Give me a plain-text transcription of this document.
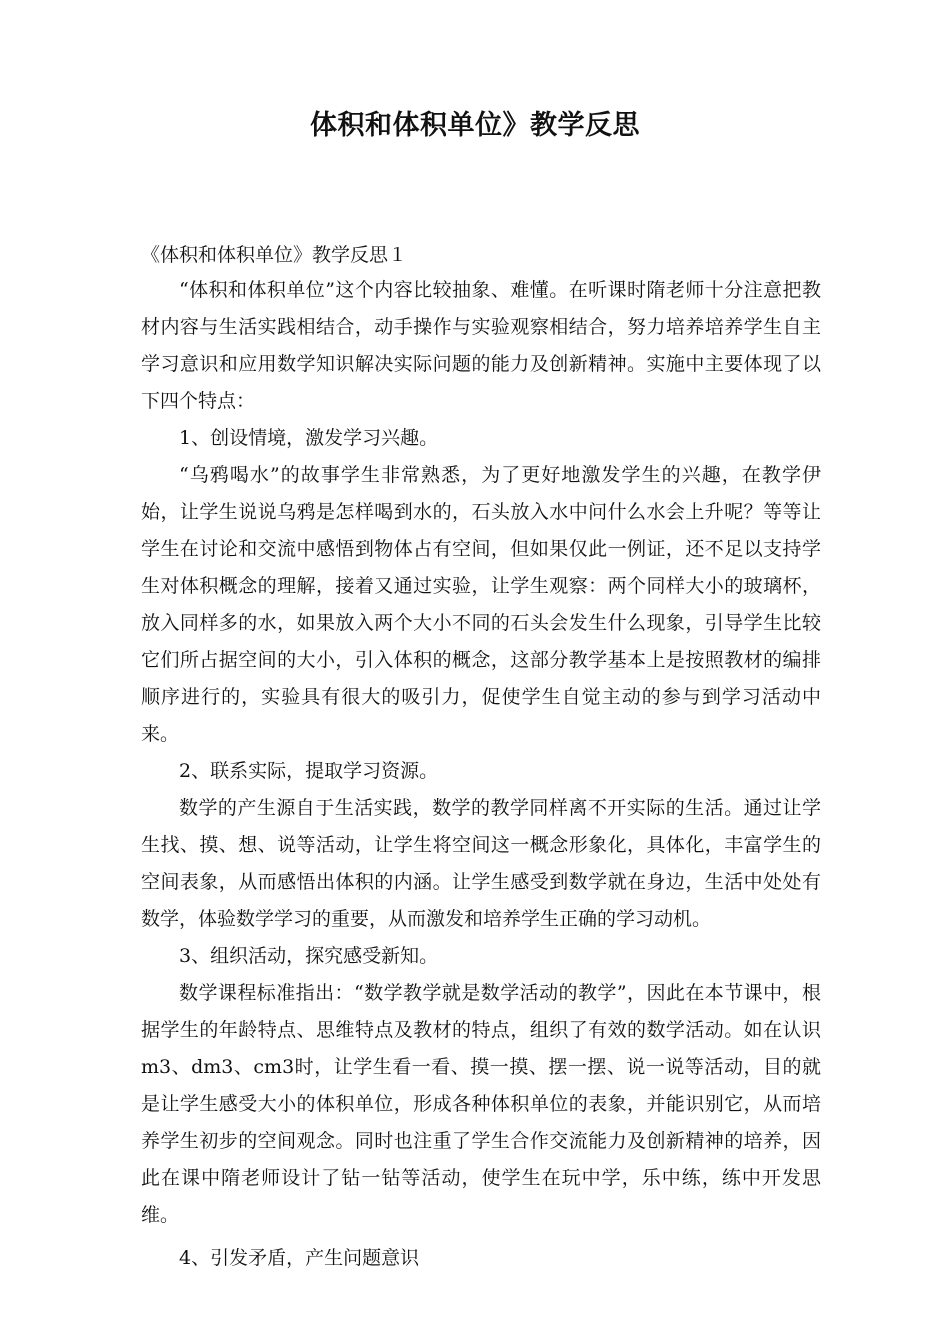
体积和体积单位》教学反思

《体积和体积单位》教学反思１

“体积和体积单位”这个内容比较抽象、难懂。在听课时隋老师十分注意把教材内容与生活实践相结合，动手操作与实验观察相结合，努力培养培养学生自主学习意识和应用数学知识解决实际问题的能力及创新精神。实施中主要体现了以下四个特点：

1、创设情境，激发学习兴趣。

“乌鸦喝水”的故事学生非常熟悉，为了更好地激发学生的兴趣，在教学伊始，让学生说说乌鸦是怎样喝到水的，石头放入水中问什么水会上升呢？等等让学生在讨论和交流中感悟到物体占有空间，但如果仅此一例证，还不足以支持学生对体积概念的理解，接着又通过实验，让学生观察：两个同样大小的玻璃杯，放入同样多的水，如果放入两个大小不同的石头会发生什么现象，引导学生比较它们所占据空间的大小，引入体积的概念，这部分教学基本上是按照教材的编排顺序进行的，实验具有很大的吸引力，促使学生自觉主动的参与到学习活动中来。

2、联系实际，提取学习资源。

数学的产生源自于生活实践，数学的教学同样离不开实际的生活。通过让学生找、摸、想、说等活动，让学生将空间这一概念形象化，具体化，丰富学生的空间表象，从而感悟出体积的内涵。让学生感受到数学就在身边，生活中处处有数学，体验数学学习的重要，从而激发和培养学生正确的学习动机。

3、组织活动，探究感受新知。

数学课程标准指出：“数学教学就是数学活动的教学”，因此在本节课中，根据学生的年龄特点、思维特点及教材的特点，组织了有效的数学活动。如在认识m3、dm3、cm3时，让学生看一看、摸一摸、摆一摆、说一说等活动，目的就是让学生感受大小的体积单位，形成各种体积单位的表象，并能识别它，从而培养学生初步的空间观念。同时也注重了学生合作交流能力及创新精神的培养，因此在课中隋老师设计了钻一钻等活动，使学生在玩中学，乐中练，练中开发思维。

4、引发矛盾，产生问题意识
